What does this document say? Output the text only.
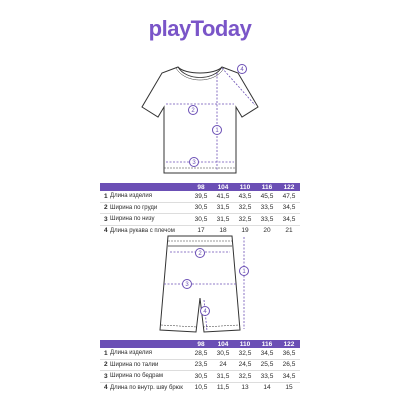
playToday
1
2
3
4
		98	104	110	116	122
1	Длина изделия	39,5	41,5	43,5	45,5	47,5
2	Ширина по груди	30,5	31,5	32,5	33,5	34,5
3	Ширина по низу	30,5	31,5	32,5	33,5	34,5
4	Длина рукава с плечом	17	18	19	20	21
1
2
3
4
		98	104	110	116	122
1	Длина изделия	28,5	30,5	32,5	34,5	36,5
2	Ширина по талии	23,5	24	24,5	25,5	26,5
3	Ширина по бедрам	30,5	31,5	32,5	33,5	34,5
4	Длина по внутр. шву брюк	10,5	11,5	13	14	15
